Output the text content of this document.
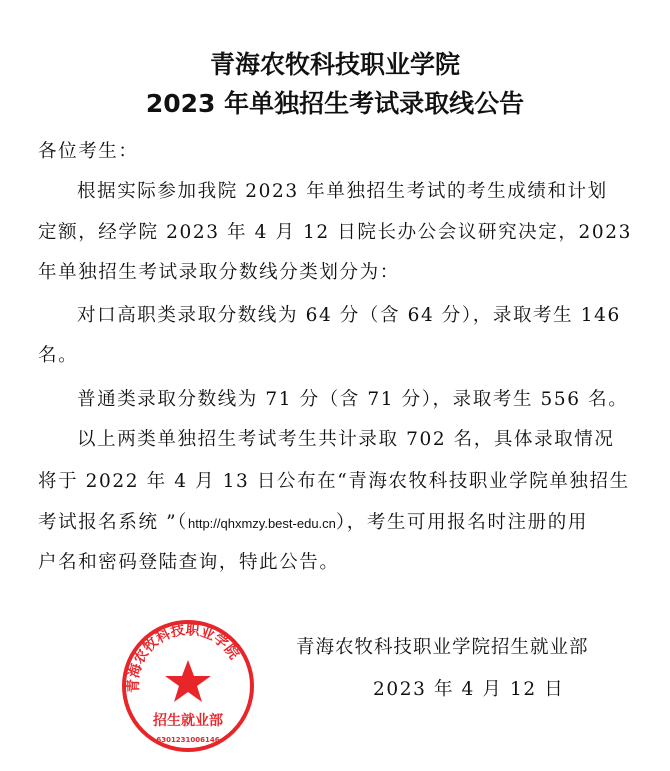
青海农牧科技职业学院
2023 年单独招生考试录取线公告
各位考生：
根据实际参加我院 2023 年单独招生考试的考生成绩和计划
定额，经学院 2023 年 4 月 12 日院长办公会议研究决定，2023
年单独招生考试录取分数线分类划分为：
对口高职类录取分数线为 64 分（含 64 分），录取考生 146
名。
普通类录取分数线为 71 分（含 71 分），录取考生 556 名。
以上两类单独招生考试考生共计录取 702 名，具体录取情况
将于 2022 年 4 月 13 日公布在“青海农牧科技职业学院单独招生
考试报名系统 ”（http://qhxmzy.best-edu.cn），考生可用报名时注册的用
户名和密码登陆查询，特此公告。
青海农牧科技职业学院
招生就业部
6301231006146
青海农牧科技职业学院招生就业部
2023 年 4 月 12 日
